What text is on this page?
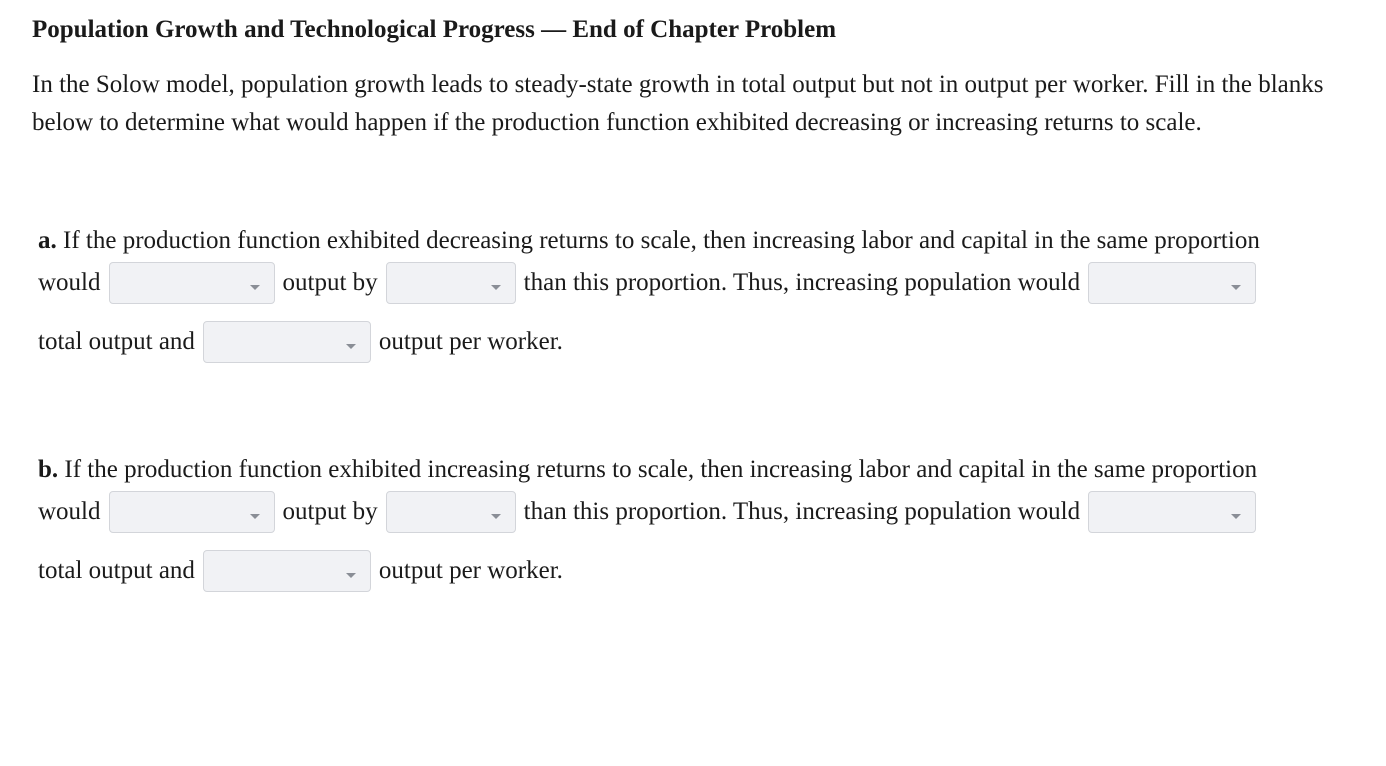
Population Growth and Technological Progress — End of Chapter Problem

In the Solow model, population growth leads to steady-state growth in total output but not in output per worker. Fill in the blanks below to determine what would happen if the production function exhibited decreasing or increasing returns to scale.

a. If the production function exhibited decreasing returns to scale, then increasing labor and capital in the same proportion
would	output by	than this proportion. Thus, increasing population would
total output and	output per worker.
b. If the production function exhibited increasing returns to scale, then increasing labor and capital in the same proportion
would	output by	than this proportion. Thus, increasing population would
total output and	output per worker.
